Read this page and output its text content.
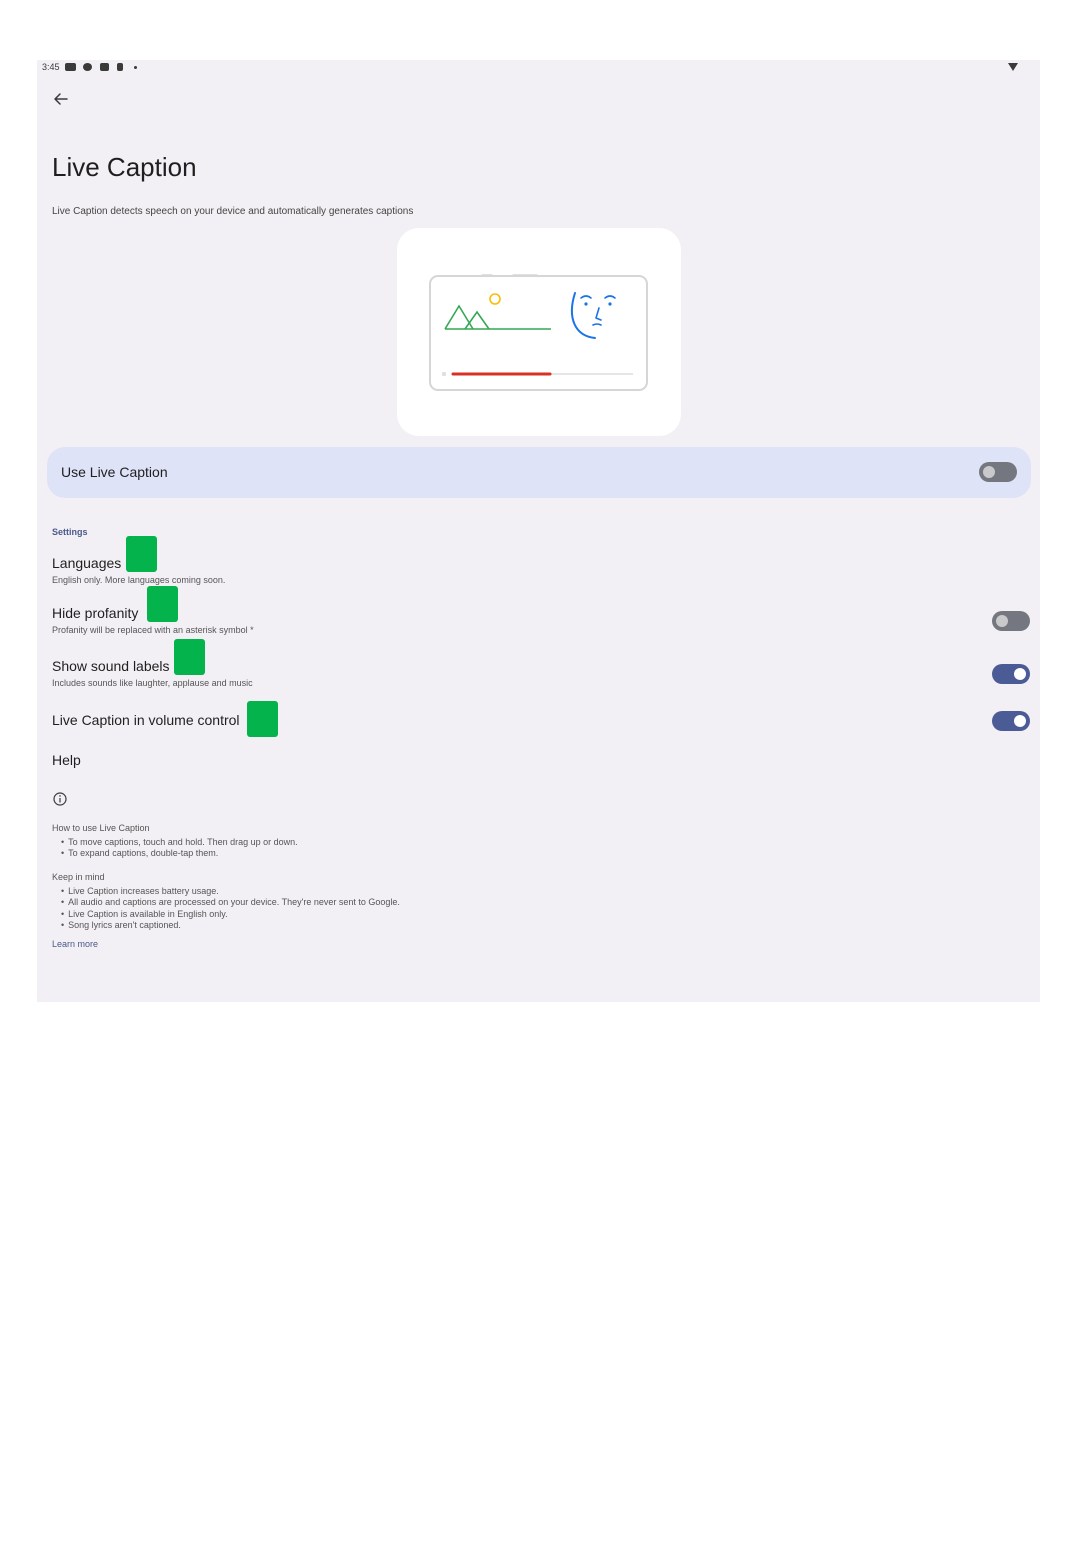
3:45
Live Caption
Live Caption detects speech on your device and automatically generates captions
Use Live Caption
Settings
Languages
English only. More languages coming soon.
Hide profanity
Profanity will be replaced with an asterisk symbol *
Show sound labels
Includes sounds like laughter, applause and music
Live Caption in volume control
Help
How to use Live Caption
• To move captions, touch and hold. Then drag up or down.
• To expand captions, double-tap them.
Keep in mind
• Live Caption increases battery usage.
• All audio and captions are processed on your device. They're never sent to Google.
• Live Caption is available in English only.
• Song lyrics aren't captioned.
Learn more
